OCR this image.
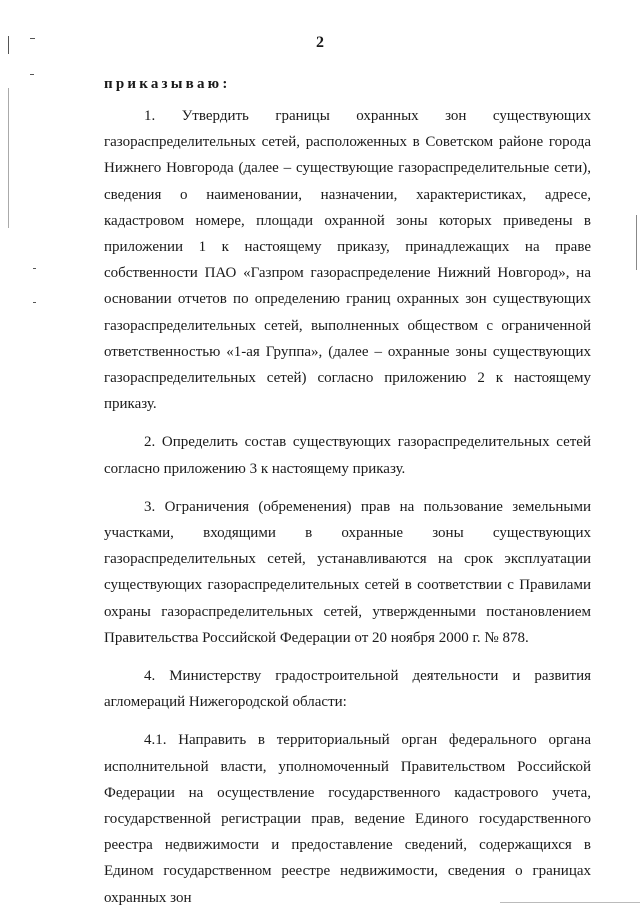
2
приказываю:

1. Утвердить границы охранных зон существующих газораспределительных сетей, расположенных в Советском районе города Нижнего Новгорода (далее – существующие газораспределительные сети), сведения о наименовании, назначении, характеристиках, адресе, кадастровом номере, площади охранной зоны которых приведены в приложении 1 к настоящему приказу, принадлежащих на праве собственности ПАО «Газпром газораспределение Нижний Новгород», на основании отчетов по определению границ охранных зон существующих газораспределительных сетей, выполненных обществом с ограниченной ответственностью «1-ая Группа», (далее – охранные зоны существующих газораспределительных сетей) согласно приложению 2 к настоящему приказу.

2. Определить состав существующих газораспределительных сетей согласно приложению 3 к настоящему приказу.

3. Ограничения (обременения) прав на пользование земельными участками, входящими в охранные зоны существующих газораспределительных сетей, устанавливаются на срок эксплуатации существующих газораспределительных сетей в соответствии с Правилами охраны газораспределительных сетей, утвержденными постановлением Правительства Российской Федерации от 20 ноября 2000 г. № 878.

4. Министерству градостроительной деятельности и развития агломераций Нижегородской области:

4.1. Направить в территориальный орган федерального органа исполнительной власти, уполномоченный Правительством Российской Федерации на осуществление государственного кадастрового учета, государственной регистрации прав, ведение Единого государственного реестра недвижимости и предоставление сведений, содержащихся в Едином государственном реестре недвижимости, сведения о границах охранных зон
